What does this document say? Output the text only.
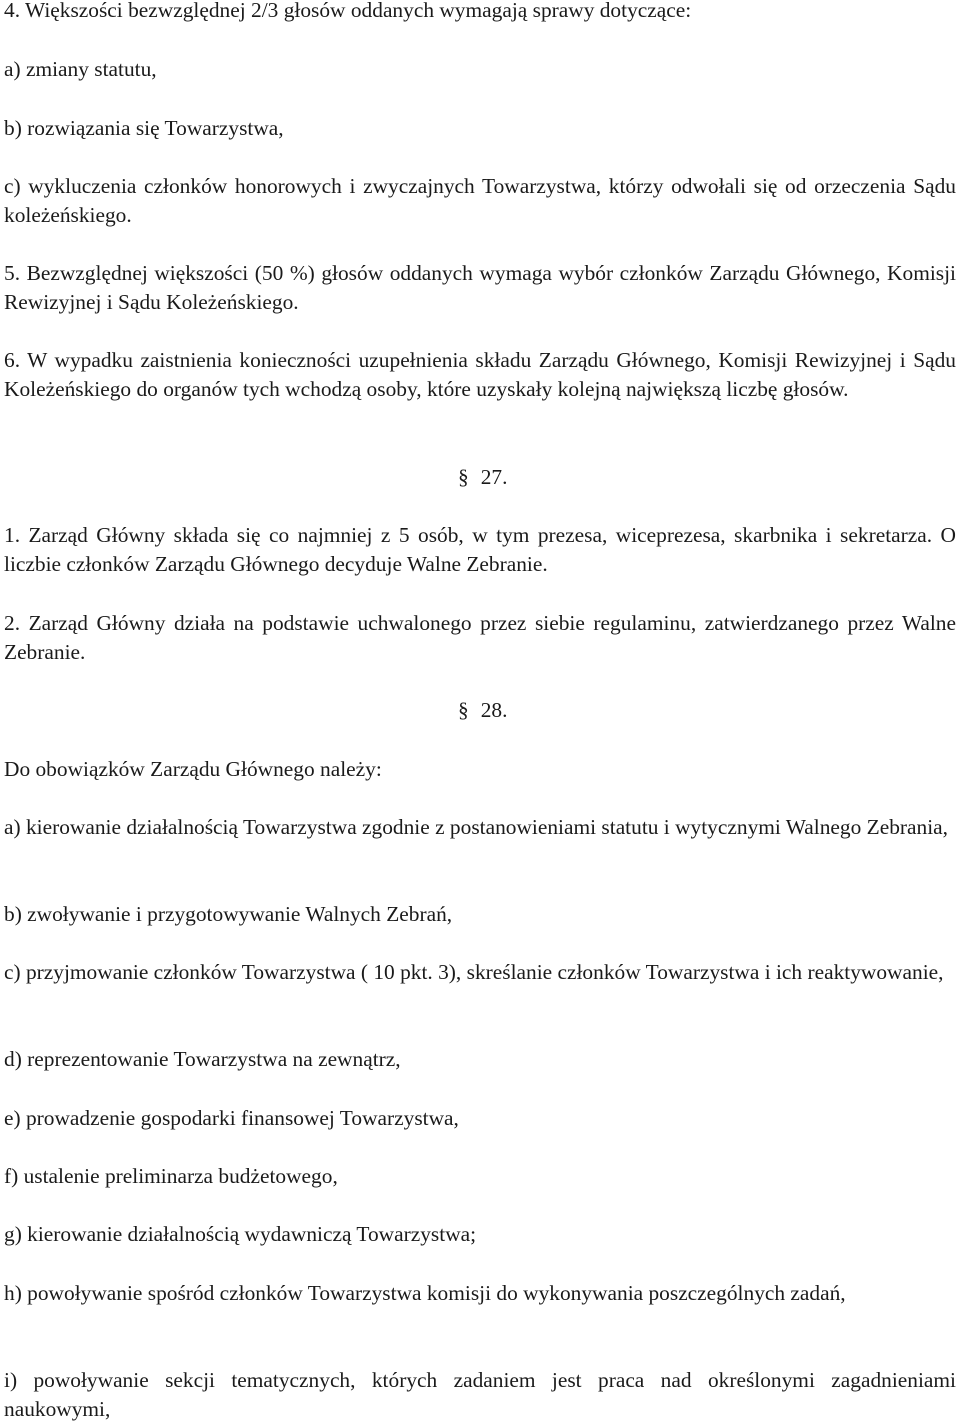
4. Większości bezwzględnej 2/3 głosów oddanych wymagają sprawy dotyczące:

a) zmiany statutu,

b) rozwiązania się Towarzystwa,

c) wykluczenia członków honorowych i zwyczajnych Towarzystwa, którzy odwołali się od orzeczenia Sądu koleżeńskiego.

5. Bezwzględnej większości (50 %) głosów oddanych wymaga wybór członków Zarządu Głównego, Komisji Rewizyjnej i Sądu Koleżeńskiego.

6. W wypadku zaistnienia konieczności uzupełnienia składu Zarządu Głównego, Komisji Rewizyjnej i Sądu Koleżeńskiego do organów tych wchodzą osoby, które uzyskały kolejną największą liczbę głosów.

§ 27.

1. Zarząd Główny składa się co najmniej z 5 osób, w tym prezesa, wiceprezesa, skarbnika i sekretarza. O liczbie członków Zarządu Głównego decyduje Walne Zebranie.

2. Zarząd Główny działa na podstawie uchwalonego przez siebie regulaminu, zatwierdzanego przez Walne Zebranie.

§ 28.

Do obowiązków Zarządu Głównego należy:

a) kierowanie działalnością Towarzystwa zgodnie z postanowieniami statutu i wytycznymi Walnego Zebrania,

b) zwoływanie i przygotowywanie Walnych Zebrań,

c) przyjmowanie członków Towarzystwa ( 10 pkt. 3), skreślanie członków Towarzystwa i ich reaktywowanie,

d) reprezentowanie Towarzystwa na zewnątrz,

e) prowadzenie gospodarki finansowej Towarzystwa,

f) ustalenie preliminarza budżetowego,

g) kierowanie działalnością wydawniczą Towarzystwa;

h) powoływanie spośród członków Towarzystwa komisji do wykonywania poszczególnych zadań,

i) powoływanie sekcji tematycznych, których zadaniem jest praca nad określonymi zagadnieniami naukowymi,
